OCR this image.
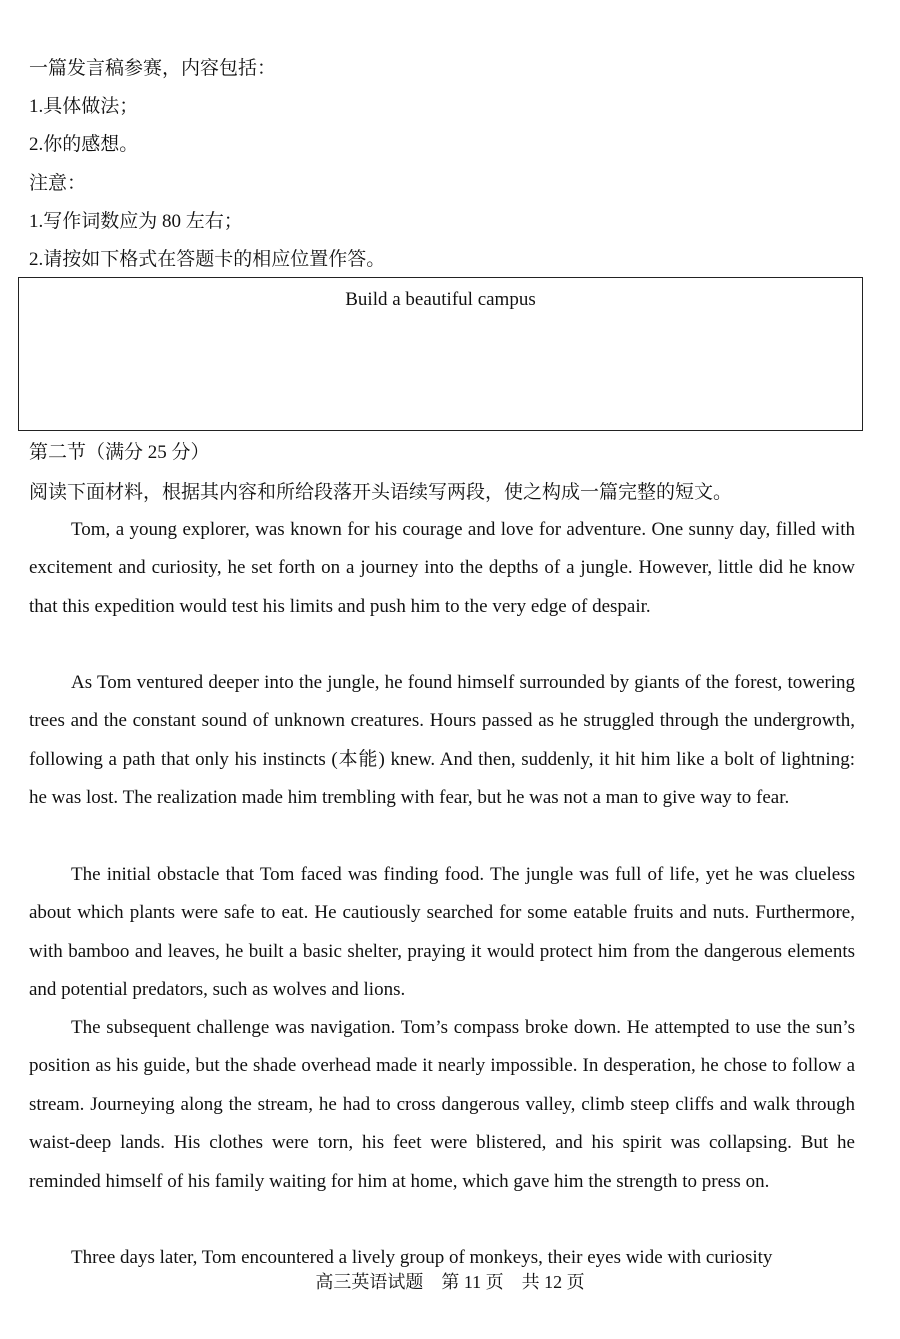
一篇发言稿参赛，内容包括：
1.具体做法；
2.你的感想。
注意：
1.写作词数应为 80 左右；
2.请按如下格式在答题卡的相应位置作答。
Build a beautiful campus
第二节（满分 25 分）
阅读下面材料，根据其内容和所给段落开头语续写两段，使之构成一篇完整的短文。

Tom, a young explorer, was known for his courage and love for adventure. One sunny day, filled with excitement and curiosity, he set forth on a journey into the depths of a jungle. However, little did he know that this expedition would test his limits and push him to the very edge of despair.

As Tom ventured deeper into the jungle, he found himself surrounded by giants of the forest, towering trees and the constant sound of unknown creatures. Hours passed as he struggled through the undergrowth, following a path that only his instincts (本能) knew. And then, suddenly, it hit him like a bolt of lightning: he was lost. The realization made him trembling with fear, but he was not a man to give way to fear.

The initial obstacle that Tom faced was finding food. The jungle was full of life, yet he was clueless about which plants were safe to eat. He cautiously searched for some eatable fruits and nuts. Furthermore, with bamboo and leaves, he built a basic shelter, praying it would protect him from the dangerous elements and potential predators, such as wolves and lions.

The subsequent challenge was navigation. Tom’s compass broke down. He attempted to use the sun’s position as his guide, but the shade overhead made it nearly impossible. In desperation, he chose to follow a stream. Journeying along the stream, he had to cross dangerous valley, climb steep cliffs and walk through waist-deep lands. His clothes were torn, his feet were blistered, and his spirit was collapsing. But he reminded himself of his family waiting for him at home, which gave him the strength to press on.

Three days later, Tom encountered a lively group of monkeys, their eyes wide with curiosity

高三英语试题　第 11 页　共 12 页
